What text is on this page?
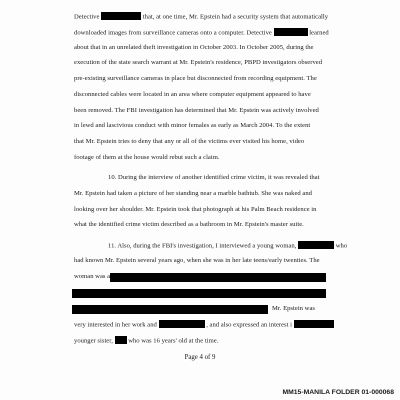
Detective	that, at one time, Mr. Epstein had a security system that automatically
downloaded images from surveillance cameras onto a computer. Detective	learned
about that in an unrelated theft investigation in October 2003. In October 2005, during the
execution of the state search warrant at Mr. Epstein's residence, PBPD investigators observed
pre-existing surveillance cameras in place but disconnected from recording equipment. The
disconnected cables were located in an area where computer equipment appeared to have
been removed. The FBI investigation has determined that Mr. Epstein was actively involved
in lewd and lascivious conduct with minor females as early as March 2004. To the extent
that Mr. Epstein tries to deny that any or all of the victims ever visited his home, video
footage of them at the house would rebut such a claim.
10. During the interview of another identified crime victim, it was revealed that
Mr. Epstein had taken a picture of her standing near a marble bathtub. She was naked and
looking over her shoulder. Mr. Epstein took that photograph at his Palm Beach residence in
what the identified crime victim described as a bathroom in Mr. Epstein's master suite.
11. Also, during the FBI's investigation, I interviewed a young woman,	who
had known Mr. Epstein several years ago, when she was in her late teens/early twenties. The
woman was a
Mr. Epstein was
very interested in her work and	, and also expressed an interest i
younger sister, who was 16 years' old at the time.
Page 4 of 9
MM15-MANILA FOLDER 01-000068
